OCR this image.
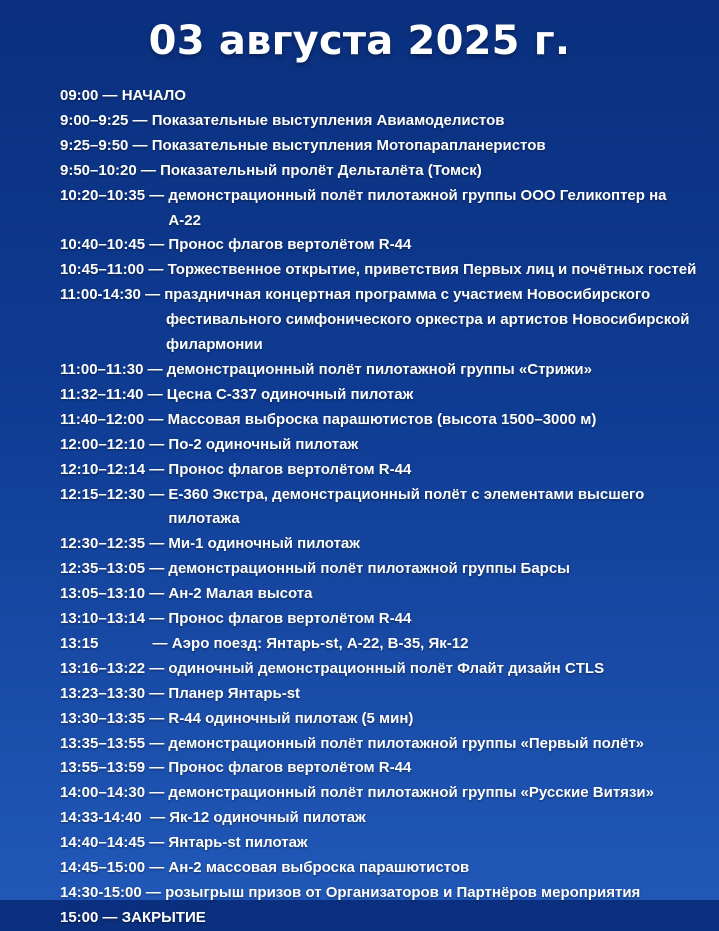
03 августа 2025 г.
09:00 — НАЧАЛО
9:00–9:25 — Показательные выступления Авиамоделистов
9:25–9:50 — Показательные выступления Мотопарапланеристов
9:50–10:20 — Показательный пролёт Дельталёта (Томск)
10:20–10:35 — демонстрационный полёт пилотажной группы ООО Геликоптер на А-22
10:40–10:45 — Пронос флагов вертолётом R-44
10:45–11:00 — Торжественное открытие, приветствия Первых лиц и почётных гостей
11:00-14:30 — праздничная концертная программа с участием Новосибирского
фестивального симфонического оркестра и артистов Новосибирской
филармонии
11:00–11:30 — демонстрационный полёт пилотажной группы «Стрижи»
11:32–11:40 — Цесна С-337 одиночный пилотаж
11:40–12:00 — Массовая выброска парашютистов (высота 1500–3000 м)
12:00–12:10 — По-2 одиночный пилотаж
12:10–12:14 — Пронос флагов вертолётом R-44
12:15–12:30 — Е-360 Экстра, демонстрационный полёт с элементами высшего пилотажа
12:30–12:35 — Ми-1 одиночный пилотаж
12:35–13:05 — демонстрационный полёт пилотажной группы Барсы
13:05–13:10 — Ан-2 Малая высота
13:10–13:14 — Пронос флагов вертолётом R-44
13:15 — Аэро поезд: Янтарь-st, А-22, В-35, Як-12
13:16–13:22 — одиночный демонстрационный полёт Флайт дизайн CTLS
13:23–13:30 — Планер Янтарь-st
13:30–13:35 — R-44 одиночный пилотаж (5 мин)
13:35–13:55 — демонстрационный полёт пилотажной группы «Первый полёт»
13:55–13:59 — Пронос флагов вертолётом R-44
14:00–14:30 — демонстрационный полёт пилотажной группы «Русские Витязи»
14:33-14:40 — Як-12 одиночный пилотаж
14:40–14:45 — Янтарь-st пилотаж
14:45–15:00 — Ан-2 массовая выброска парашютистов
14:30-15:00 — розыгрыш призов от Организаторов и Партнёров мероприятия
15:00 — ЗАКРЫТИЕ
